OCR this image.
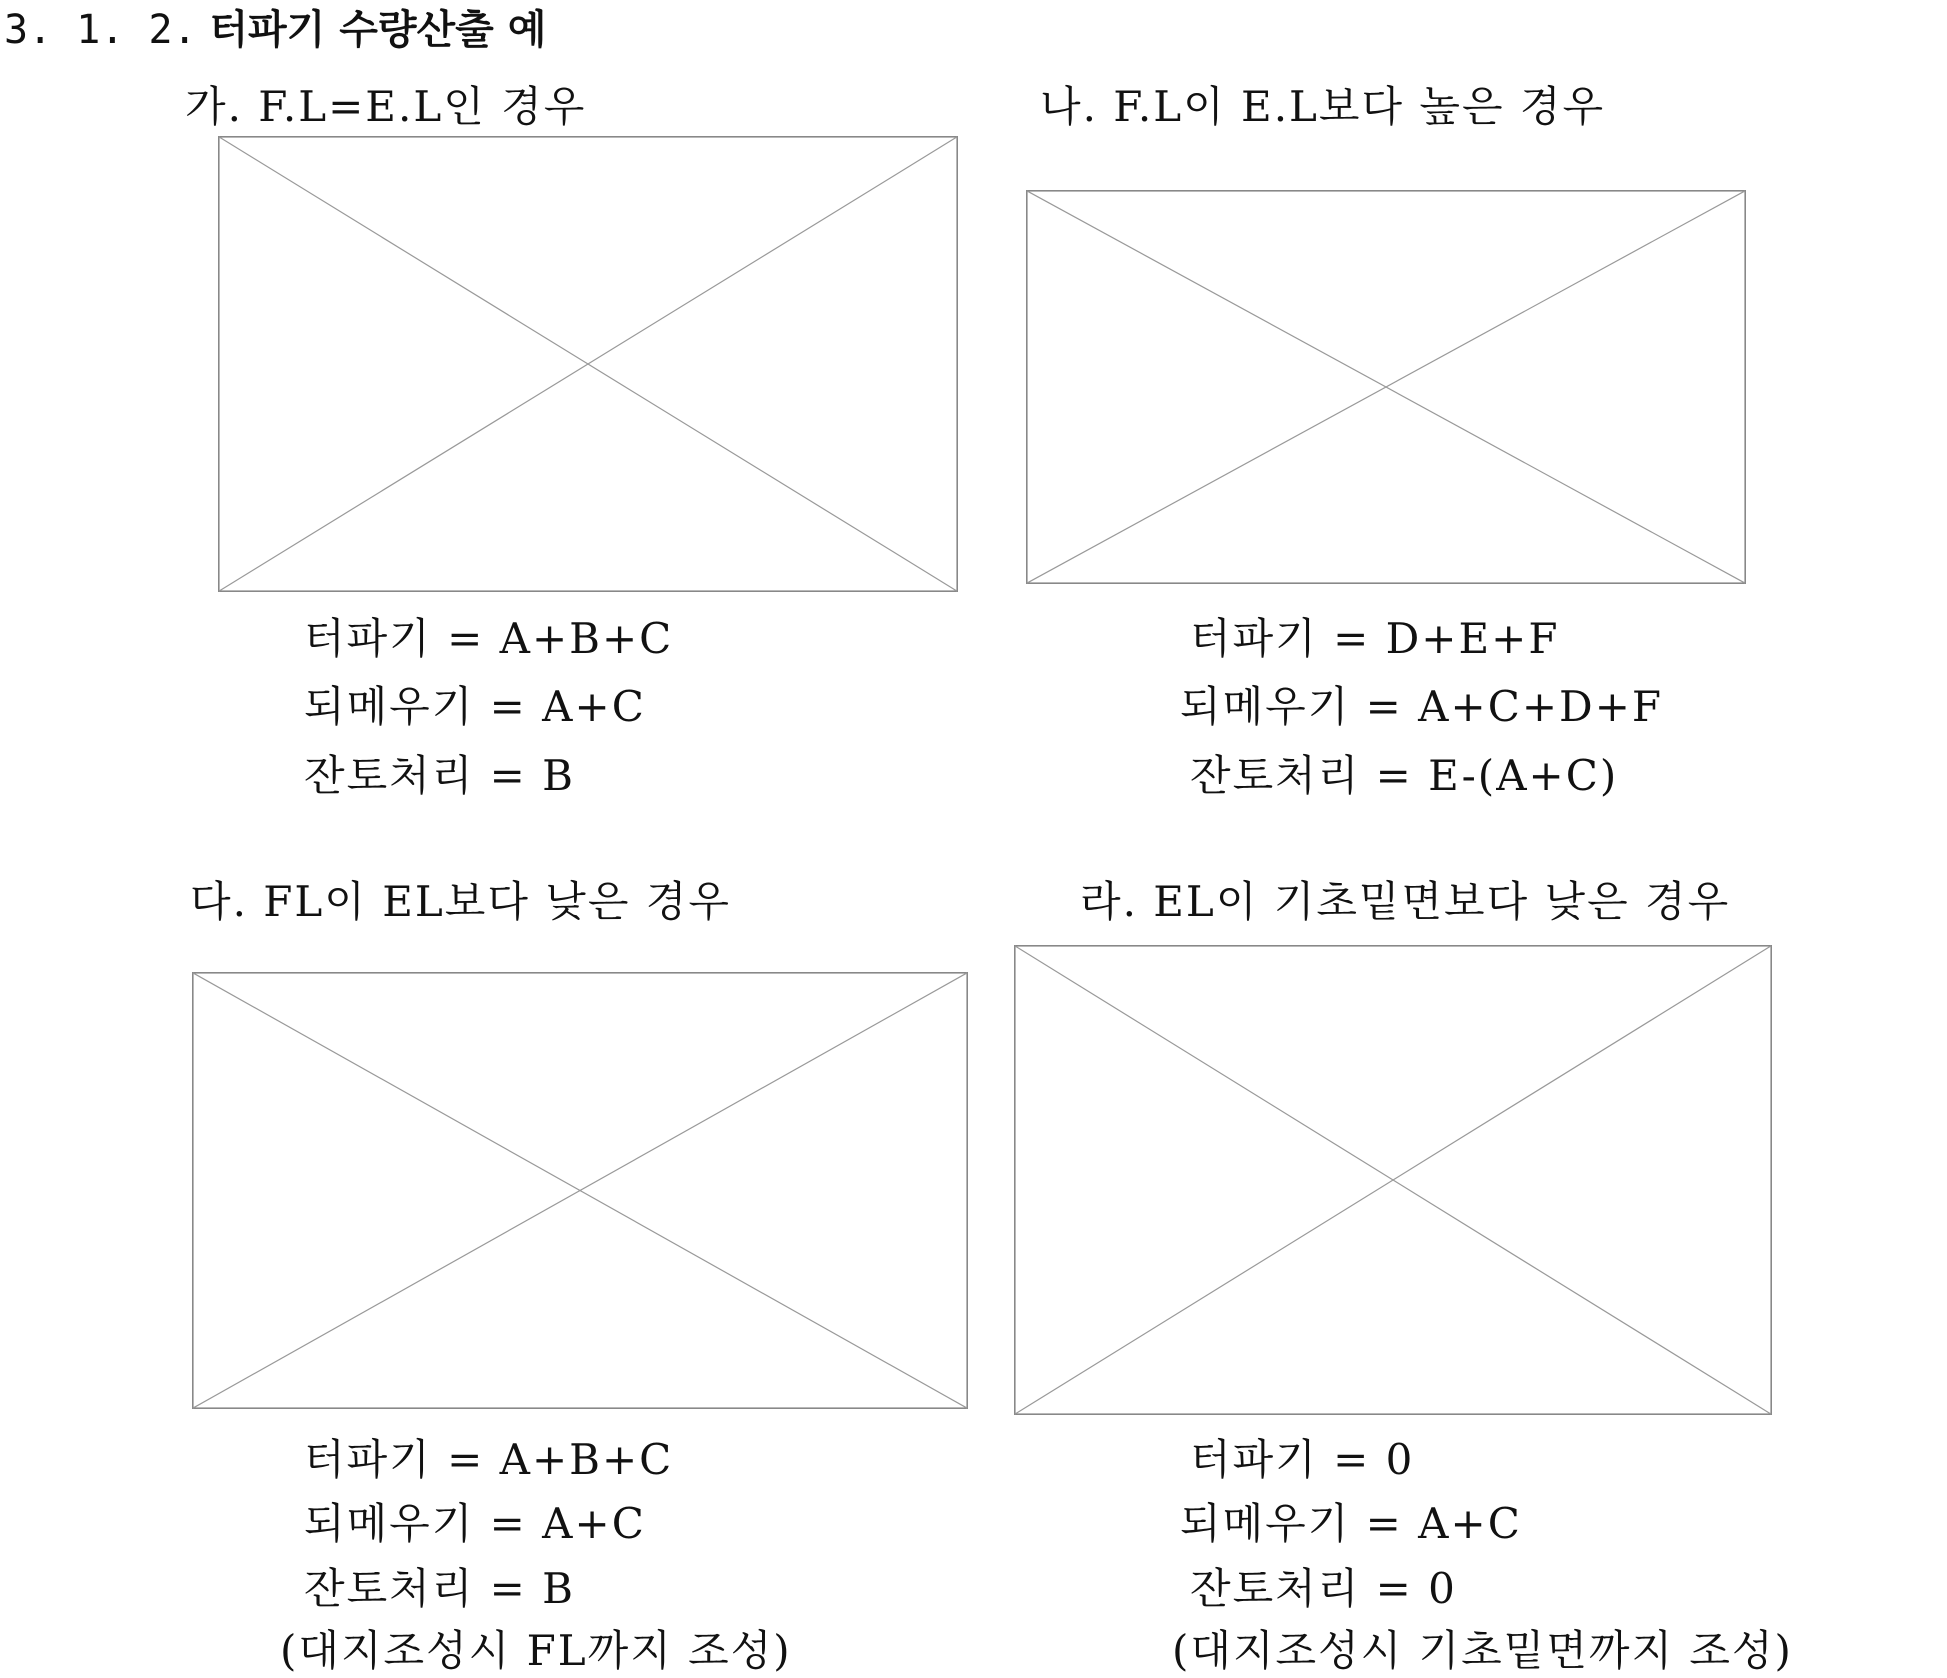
3. 1. 2. 터파기 수량산출 예
가. F.L=E.L인 경우
터파기 = A+B+C
되메우기 = A+C
잔토처리 = B
나. F.L이 E.L보다 높은 경우
터파기 = D+E+F
되메우기 = A+C+D+F
잔토처리 = E-(A+C)
다. FL이 EL보다 낮은 경우
터파기 = A+B+C
되메우기 = A+C
잔토처리 = B
(대지조성시 FL까지 조성)
라. EL이 기초밑면보다 낮은 경우
터파기 = 0
되메우기 = A+C
잔토처리 = 0
(대지조성시 기초밑면까지 조성)
